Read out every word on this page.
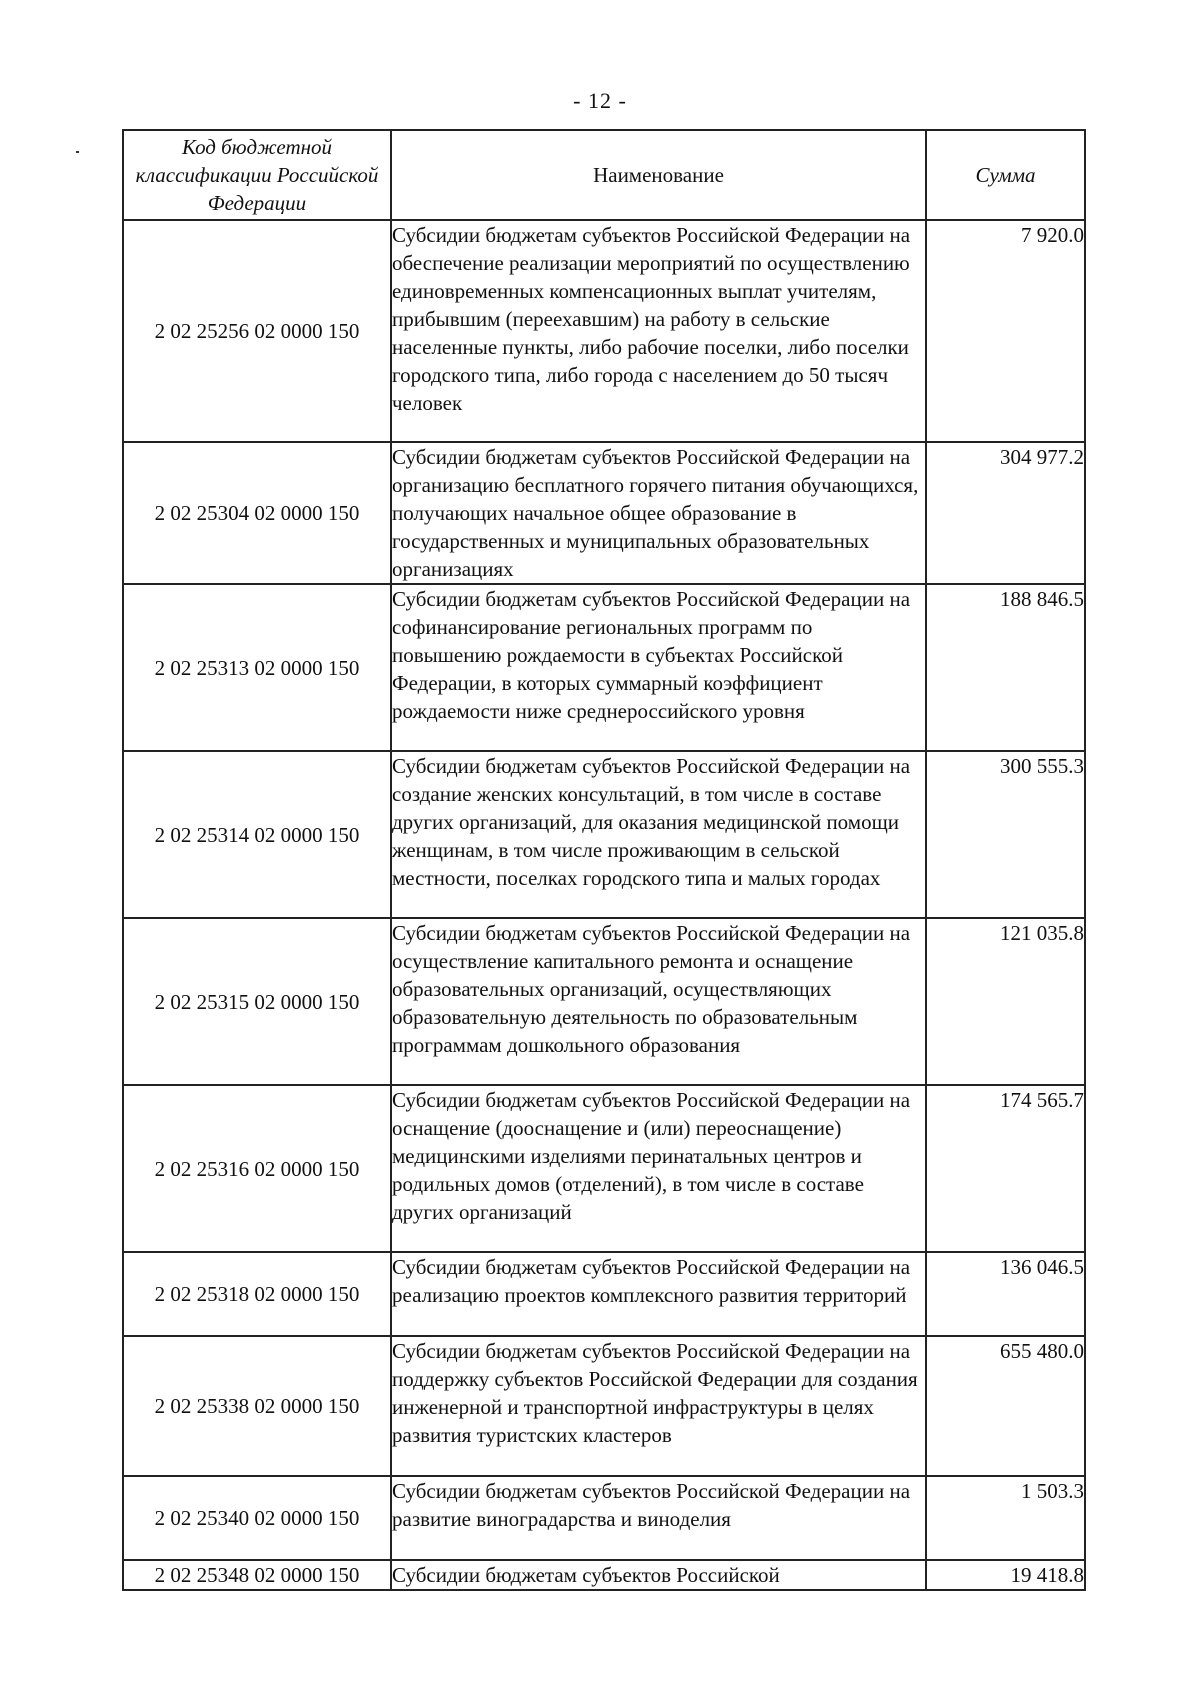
- 12 -
Код бюджетной классификации Российской Федерации	Наименование	Сумма
2 02 25256 02 0000 150	Субсидии бюджетам субъектов Российской Федерации на обеспечение реализации мероприятий по осуществлению единовременных компенсационных выплат учителям, прибывшим (переехавшим) на работу в сельские населенные пункты, либо рабочие поселки, либо поселки городского типа, либо города с населением до 50 тысяч человек	7 920.0
2 02 25304 02 0000 150	Субсидии бюджетам субъектов Российской Федерации на организацию бесплатного горячего питания обучающихся, получающих начальное общее образование в государственных и муниципальных образовательных организациях	304 977.2
2 02 25313 02 0000 150	Субсидии бюджетам субъектов Российской Федерации на софинансирование региональных программ по повышению рождаемости в субъектах Российской Федерации, в которых суммарный коэффициент рождаемости ниже среднероссийского уровня	188 846.5
2 02 25314 02 0000 150	Субсидии бюджетам субъектов Российской Федерации на создание женских консультаций, в том числе в составе других организаций, для оказания медицинской помощи женщинам, в том числе проживающим в сельской местности, поселках городского типа и малых городах	300 555.3
2 02 25315 02 0000 150	Субсидии бюджетам субъектов Российской Федерации на осуществление капитального ремонта и оснащение образовательных организаций, осуществляющих образовательную деятельность по образовательным программам дошкольного образования	121 035.8
2 02 25316 02 0000 150	Субсидии бюджетам субъектов Российской Федерации на оснащение (дооснащение и (или) переоснащение) медицинскими изделиями перинатальных центров и родильных домов (отделений), в том числе в составе других организаций	174 565.7
2 02 25318 02 0000 150	Субсидии бюджетам субъектов Российской Федерации на реализацию проектов комплексного развития территорий	136 046.5
2 02 25338 02 0000 150	Субсидии бюджетам субъектов Российской Федерации на поддержку субъектов Российской Федерации для создания инженерной и транспортной инфраструктуры в целях развития туристских кластеров	655 480.0
2 02 25340 02 0000 150	Субсидии бюджетам субъектов Российской Федерации на развитие виноградарства и виноделия	1 503.3
2 02 25348 02 0000 150	Субсидии бюджетам субъектов Российской	19 418.8
